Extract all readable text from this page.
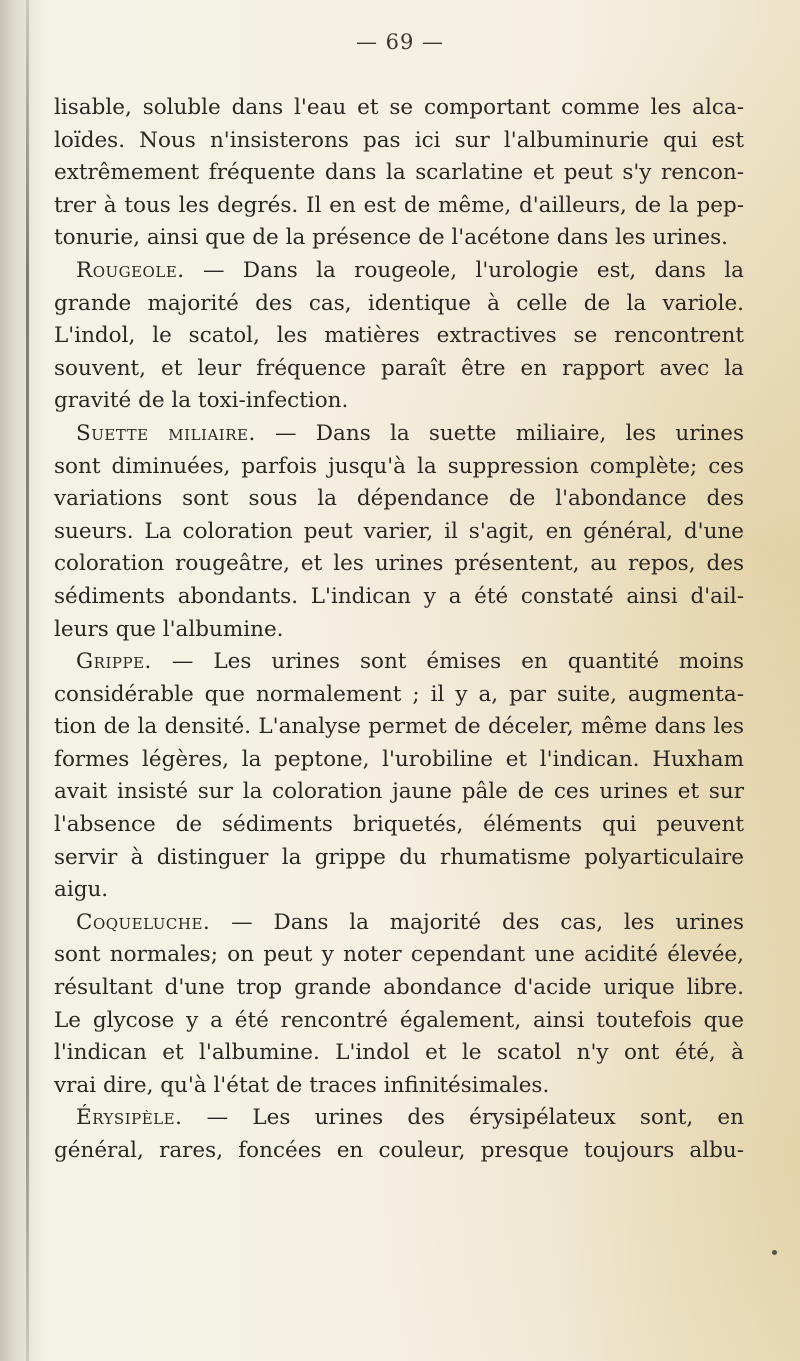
— 69 —
lisable, soluble dans l'eau et se comportant comme les alca-
loïdes. Nous n'insisterons pas ici sur l'albuminurie qui est
extrêmement fréquente dans la scarlatine et peut s'y rencon-
trer à tous les degrés. Il en est de même, d'ailleurs, de la pep-
tonurie, ainsi que de la présence de l'acétone dans les urines.
Rougeole. — Dans la rougeole, l'urologie est, dans la
grande majorité des cas, identique à celle de la variole.
L'indol, le scatol, les matières extractives se rencontrent
souvent, et leur fréquence paraît être en rapport avec la
gravité de la toxi-infection.
Suette miliaire. — Dans la suette miliaire, les urines
sont diminuées, parfois jusqu'à la suppression complète; ces
variations sont sous la dépendance de l'abondance des
sueurs. La coloration peut varier, il s'agit, en général, d'une
coloration rougeâtre, et les urines présentent, au repos, des
sédiments abondants. L'indican y a été constaté ainsi d'ail-
leurs que l'albumine.
Grippe. — Les urines sont émises en quantité moins
considérable que normalement ; il y a, par suite, augmenta-
tion de la densité. L'analyse permet de déceler, même dans les
formes légères, la peptone, l'urobiline et l'indican. Huxham
avait insisté sur la coloration jaune pâle de ces urines et sur
l'absence de sédiments briquetés, éléments qui peuvent
servir à distinguer la grippe du rhumatisme polyarticulaire
aigu.
Coqueluche. — Dans la majorité des cas, les urines
sont normales; on peut y noter cependant une acidité élevée,
résultant d'une trop grande abondance d'acide urique libre.
Le glycose y a été rencontré également, ainsi toutefois que
l'indican et l'albumine. L'indol et le scatol n'y ont été, à
vrai dire, qu'à l'état de traces infinitésimales.
Érysipèle. — Les urines des érysipélateux sont, en
général, rares, foncées en couleur, presque toujours albu-
